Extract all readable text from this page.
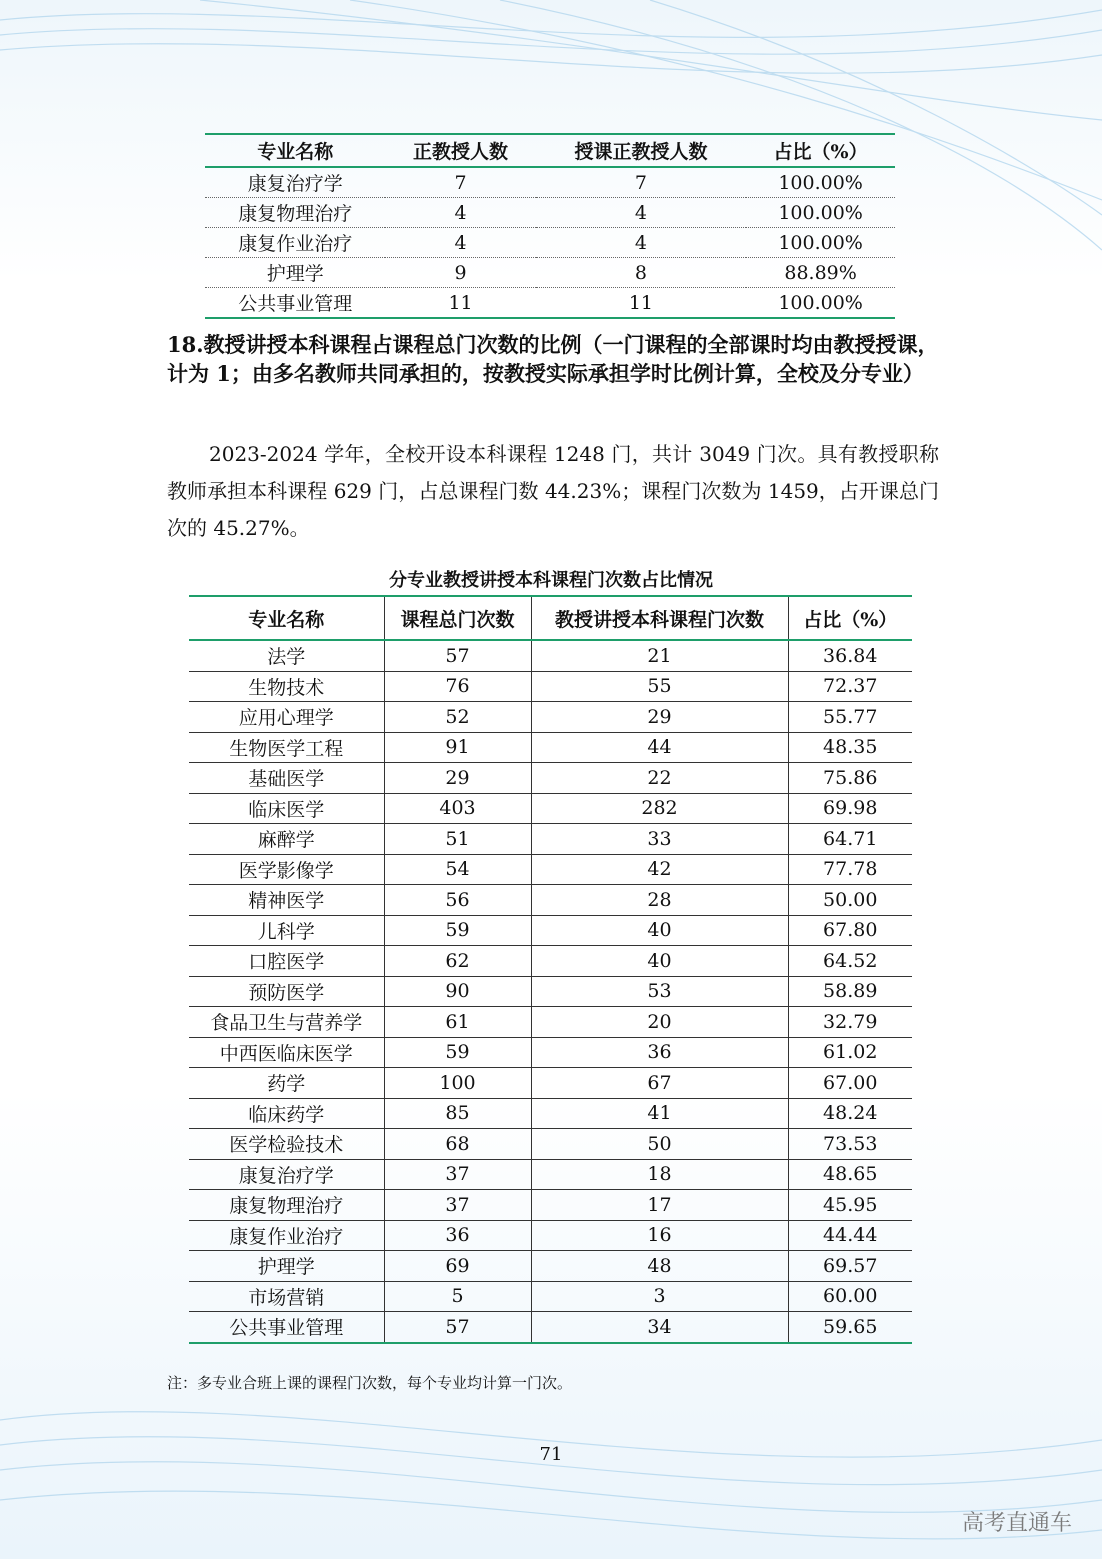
专业名称	正教授人数	授课正教授人数	占比（%）
康复治疗学	7	7	100.00%
康复物理治疗	4	4	100.00%
康复作业治疗	4	4	100.00%
护理学	9	8	88.89%
公共事业管理	11	11	100.00%
18.教授讲授本科课程占课程总门次数的比例（一门课程的全部课时均由教授授课，计为 1；由多名教师共同承担的，按教授实际承担学时比例计算，全校及分专业）
2023-2024 学年，全校开设本科课程 1248 门，共计 3049 门次。具有教授职称教师承担本科课程 629 门，占总课程门数 44.23%；课程门次数为 1459，占开课总门次的 45.27%。
分专业教授讲授本科课程门次数占比情况
专业名称	课程总门次数	教授讲授本科课程门次数	占比（%）
法学	57	21	36.84
生物技术	76	55	72.37
应用心理学	52	29	55.77
生物医学工程	91	44	48.35
基础医学	29	22	75.86
临床医学	403	282	69.98
麻醉学	51	33	64.71
医学影像学	54	42	77.78
精神医学	56	28	50.00
儿科学	59	40	67.80
口腔医学	62	40	64.52
预防医学	90	53	58.89
食品卫生与营养学	61	20	32.79
中西医临床医学	59	36	61.02
药学	100	67	67.00
临床药学	85	41	48.24
医学检验技术	68	50	73.53
康复治疗学	37	18	48.65
康复物理治疗	37	17	45.95
康复作业治疗	36	16	44.44
护理学	69	48	69.57
市场营销	5	3	60.00
公共事业管理	57	34	59.65
注：多专业合班上课的课程门次数，每个专业均计算一门次。
71
高考直通车
